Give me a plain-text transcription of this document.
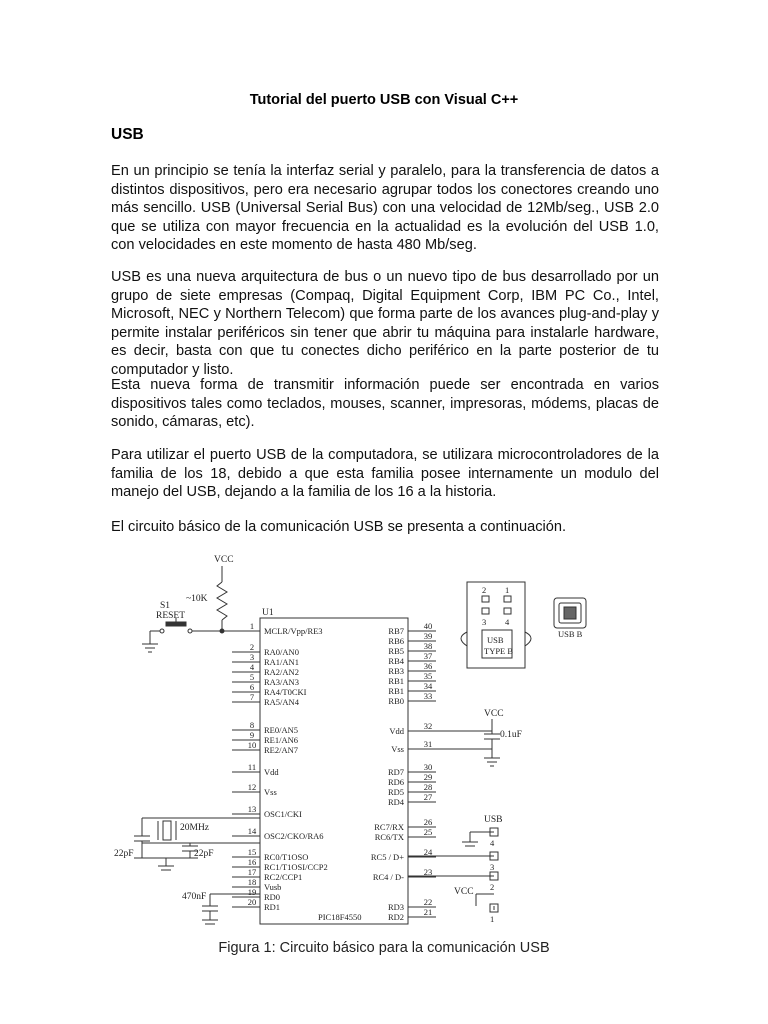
Tutorial del puerto USB con Visual C++
USB

En un principio se tenía la interfaz serial y paralelo, para la transferencia de datos a distintos dispositivos, pero era necesario agrupar todos los conectores creando uno más sencillo. USB (Universal Serial Bus) con una velocidad de 12Mb/seg., USB 2.0 que se utiliza con mayor frecuencia en la actualidad es la evolución del USB 1.0, con velocidades en este momento de hasta 480 Mb/seg.

USB es una nueva arquitectura de bus o un nuevo tipo de bus desarrollado por un grupo de siete empresas (Compaq, Digital Equipment Corp, IBM PC Co., Intel, Microsoft, NEC y Northern Telecom) que forma parte de los avances plug-and-play y permite instalar periféricos sin tener que abrir tu máquina para instalarle hardware, es decir, basta con que tu conectes dicho periférico en la parte posterior de tu computador y listo.

Esta nueva forma de transmitir información puede ser encontrada en varios dispositivos tales como teclados, mouses, scanner, impresoras, módems, placas de sonido, cámaras, etc).

Para utilizar el puerto USB de la computadora, se utilizara microcontroladores de la familia de los 18, debido a que esta familia posee internamente un modulo del manejo del USB, dejando a la familia de los 16 a la historia.

El circuito básico de la comunicación USB se presenta a continuación.

VCC
~10K
S1
RESET	U1
PIC18F4550
VCC
0.1uF
20MHz
22pF	22pF
470nF
USB
4
3
2
1
VCC
2 1
3 4
USB
TYPE B
USB B
1 MCLR/Vpp/RE3
2 RA0/AN0
3 RA1/AN1
4 RA2/AN2
5 RA3/AN3
6 RA4/T0CKI
7 RA5/AN4
8 RE0/AN5
9 RE1/AN6
10 RE2/AN7
11 Vdd
12 Vss
13 OSC1/CKI
14 OSC2/CKO/RA6
15 RC0/T1OSO
16 RC1/T1OSI/CCP2
17 RC2/CCP1
18 Vusb
19 RD0
20 RD1
40
RB7 39
RB6 38
RB5 37
RB4 36
RB3 35
RB1 34
RB1 33
RB0
32
Vdd
31
Vss
30
RD7 29
RD6 28
RD5 27
RD4
26
RC7/RX 25
RC6/TX
24
RC5 / D+
23
RC4 / D-
22
RD3 21
RD2
Figura 1: Circuito básico para la comunicación USB
